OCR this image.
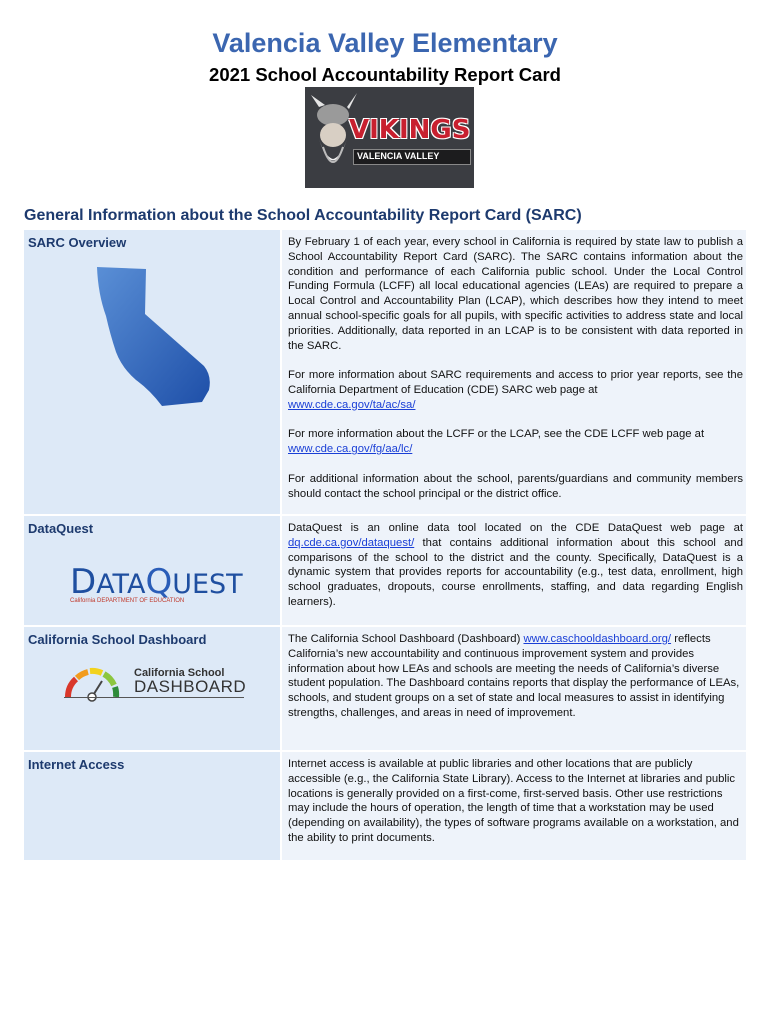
Valencia Valley Elementary
2021 School Accountability Report Card
VIKINGS
VALENCIA VALLEY
General Information about the School Accountability Report Card (SARC)
SARC Overview	By February 1 of each year, every school in California is required by state law to publish a School Accountability Report Card (SARC). The SARC contains information about the condition and performance of each California public school. Under the Local Control Funding Formula (LCFF) all local educational agencies (LEAs) are required to prepare a Local Control and Accountability Plan (LCAP), which describes how they intend to meet annual school-specific goals for all pupils, with specific activities to address state and local priorities. Additionally, data reported in an LCAP is to be consistent with data reported in the SARC.

For more information about SARC requirements and access to prior year reports, see the California Department of Education (CDE) SARC web page at
www.cde.ca.gov/ta/ac/sa/

For more information about the LCFF or the LCAP, see the CDE LCFF web page at
www.cde.ca.gov/fg/aa/lc/

For additional information about the school, parents/guardians and community members should contact the school principal or the district office.

DataQuest
DATAQUEST
California DEPARTMENT OF EDUCATION

DataQuest is an online data tool located on the CDE DataQuest web page at dq.cde.ca.gov/dataquest/ that contains additional information about this school and comparisons of the school to the district and the county. Specifically, DataQuest is a dynamic system that provides reports for accountability (e.g., test data, enrollment, high school graduates, dropouts, course enrollments, staffing, and data regarding English learners).

California School Dashboard
California School
DASHBOARD

The California School Dashboard (Dashboard) www.caschooldashboard.org/ reflects California’s new accountability and continuous improvement system and provides information about how LEAs and schools are meeting the needs of California’s diverse student population. The Dashboard contains reports that display the performance of LEAs, schools, and student groups on a set of state and local measures to assist in identifying strengths, challenges, and areas in need of improvement.

Internet Access	Internet access is available at public libraries and other locations that are publicly accessible (e.g., the California State Library). Access to the Internet at libraries and public locations is generally provided on a first-come, first-served basis. Other use restrictions may include the hours of operation, the length of time that a workstation may be used (depending on availability), the types of software programs available on a workstation, and the ability to print documents.
